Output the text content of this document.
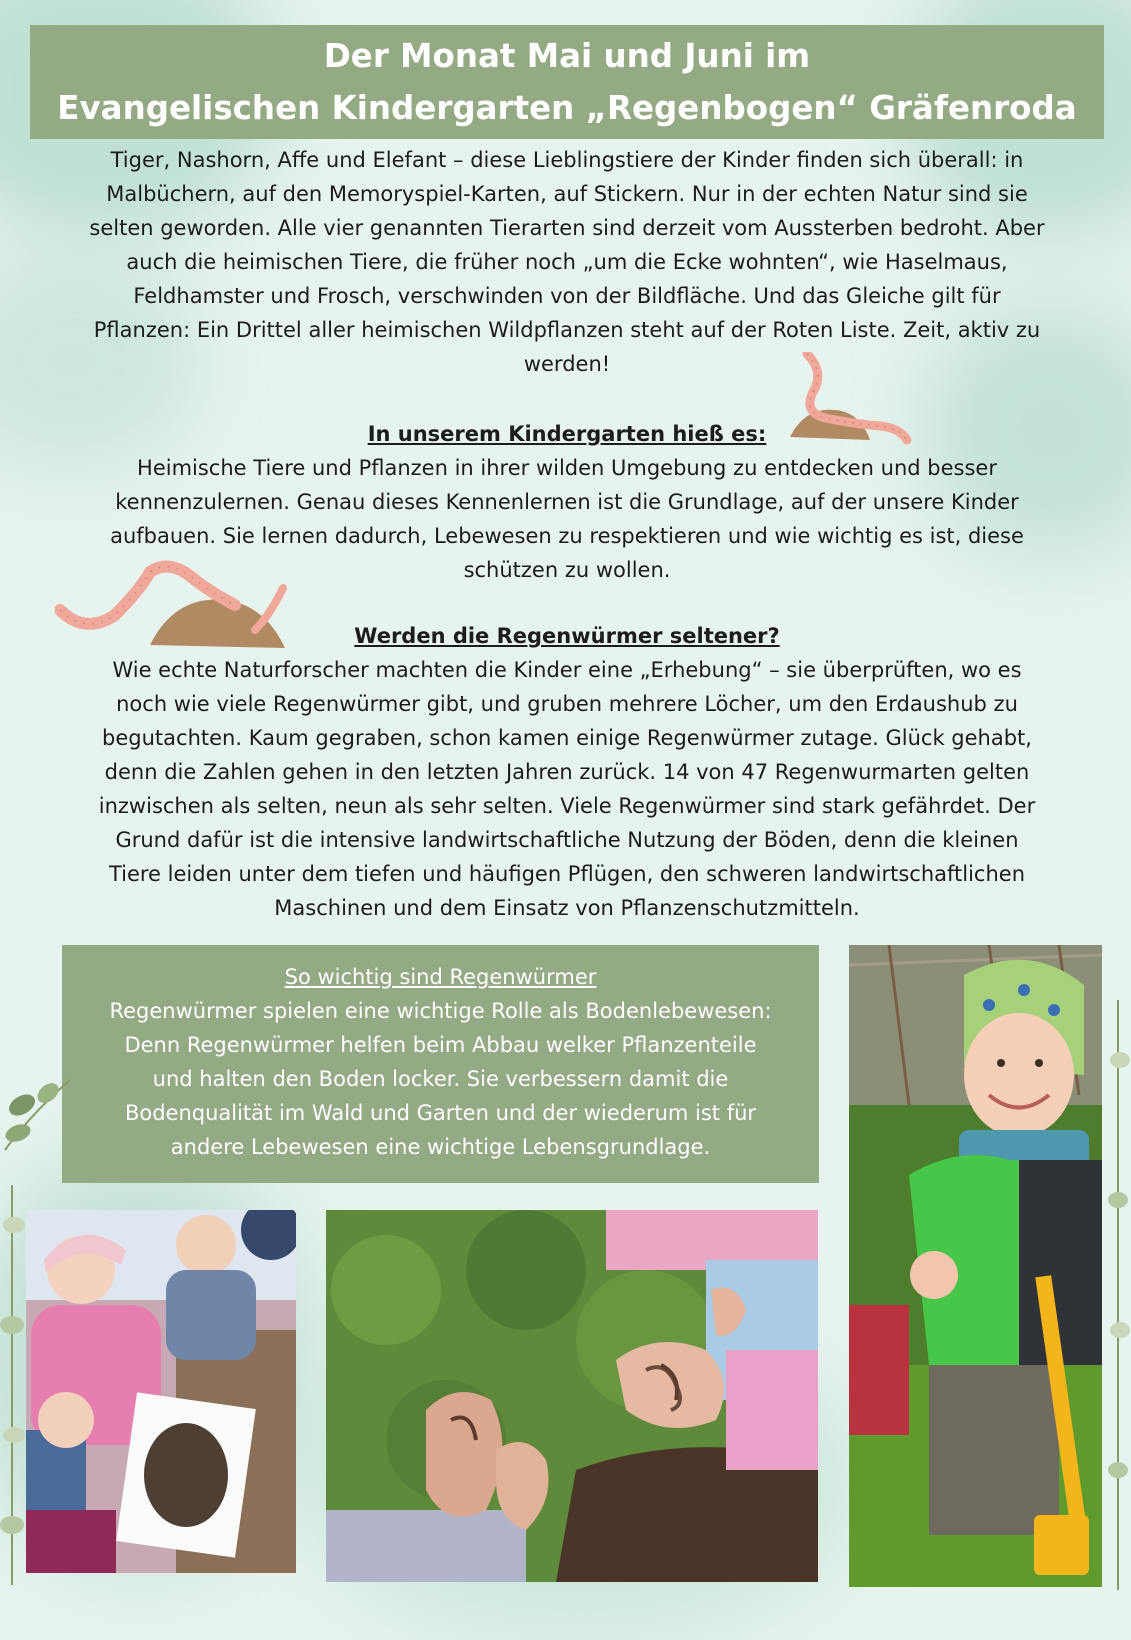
Der Monat Mai und Juni im
Evangelischen Kindergarten „Regenbogen“ Gräfenroda
Tiger, Nashorn, Affe und Elefant – diese Lieblingstiere der Kinder finden sich überall: in
Malbüchern, auf den Memoryspiel-Karten, auf Stickern. Nur in der echten Natur sind sie
selten geworden. Alle vier genannten Tierarten sind derzeit vom Aussterben bedroht. Aber
auch die heimischen Tiere, die früher noch „um die Ecke wohnten“, wie Haselmaus,
Feldhamster und Frosch, verschwinden von der Bildfläche. Und das Gleiche gilt für
Pflanzen: Ein Drittel aller heimischen Wildpflanzen steht auf der Roten Liste. Zeit, aktiv zu
werden!
In unserem Kindergarten hieß es:
Heimische Tiere und Pflanzen in ihrer wilden Umgebung zu entdecken und besser
kennenzulernen. Genau dieses Kennenlernen ist die Grundlage, auf der unsere Kinder
aufbauen. Sie lernen dadurch, Lebewesen zu respektieren und wie wichtig es ist, diese
schützen zu wollen.
Werden die Regenwürmer seltener?
Wie echte Naturforscher machten die Kinder eine „Erhebung“ – sie überprüften, wo es
noch wie viele Regenwürmer gibt, und gruben mehrere Löcher, um den Erdaushub zu
begutachten. Kaum gegraben, schon kamen einige Regenwürmer zutage. Glück gehabt,
denn die Zahlen gehen in den letzten Jahren zurück. 14 von 47 Regenwurmarten gelten
inzwischen als selten, neun als sehr selten. Viele Regenwürmer sind stark gefährdet. Der
Grund dafür ist die intensive landwirtschaftliche Nutzung der Böden, denn die kleinen
Tiere leiden unter dem tiefen und häufigen Pflügen, den schweren landwirtschaftlichen
Maschinen und dem Einsatz von Pflanzenschutzmitteln.
So wichtig sind Regenwürmer
Regenwürmer spielen eine wichtige Rolle als Bodenlebewesen:
Denn Regenwürmer helfen beim Abbau welker Pflanzenteile
und halten den Boden locker. Sie verbessern damit die
Bodenqualität im Wald und Garten und der wiederum ist für
andere Lebewesen eine wichtige Lebensgrundlage.
